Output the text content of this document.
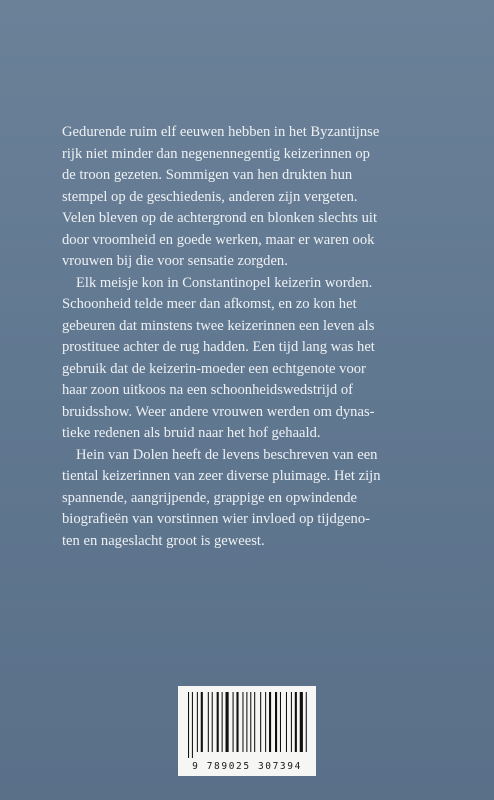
Gedurende ruim elf eeuwen hebben in het Byzantijnse
rijk niet minder dan negenennegentig keizerinnen op
de troon gezeten. Sommigen van hen drukten hun
stempel op de geschiedenis, anderen zijn vergeten.
Velen bleven op de achtergrond en blonken slechts uit
door vroomheid en goede werken, maar er waren ook
vrouwen bij die voor sensatie zorgden.

Elk meisje kon in Constantinopel keizerin worden.
Schoonheid telde meer dan afkomst, en zo kon het
gebeuren dat minstens twee keizerinnen een leven als
prostituee achter de rug hadden. Een tijd lang was het
gebruik dat de keizerin-moeder een echtgenote voor
haar zoon uitkoos na een schoonheidswedstrijd of
bruidsshow. Weer andere vrouwen werden om dynas-
tieke redenen als bruid naar het hof gehaald.

Hein van Dolen heeft de levens beschreven van een
tiental keizerinnen van zeer diverse pluimage. Het zijn
spannende, aangrijpende, grappige en opwindende
biografieën van vorstinnen wier invloed op tijdgeno-
ten en nageslacht groot is geweest.

9 789025 307394
